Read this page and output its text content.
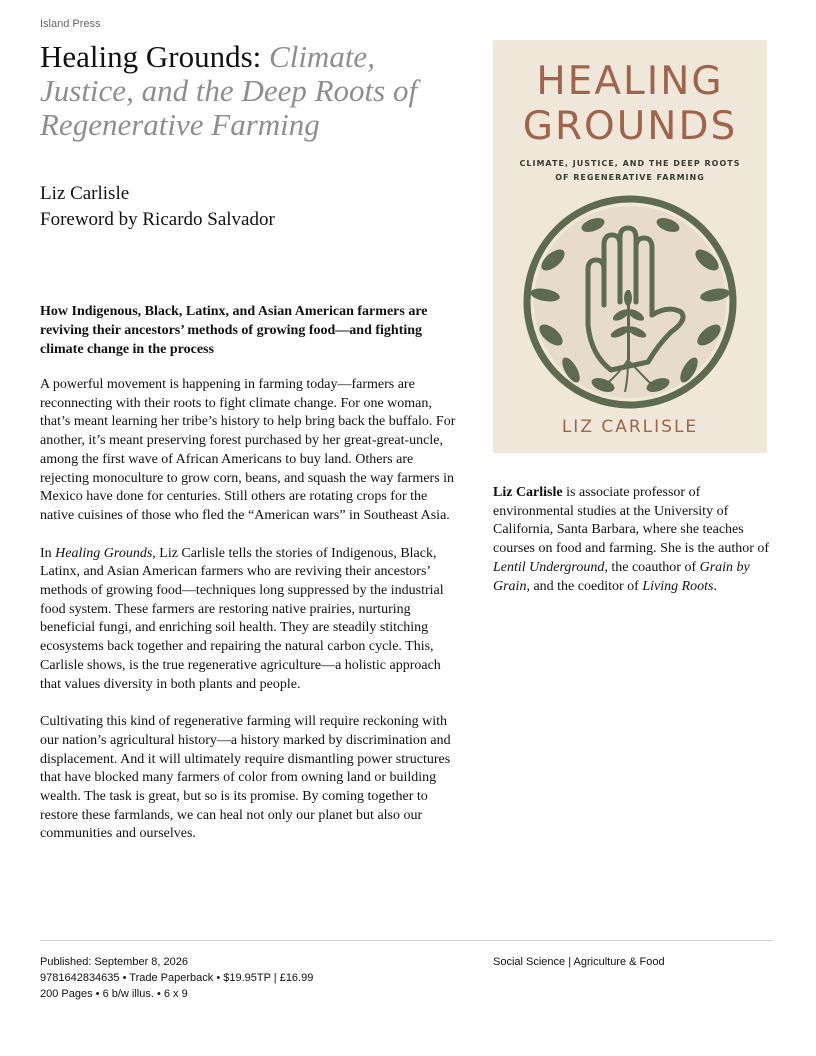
Island Press
Healing Grounds: Climate, Justice, and the Deep Roots of Regenerative Farming
Liz Carlisle
Foreword by Ricardo Salvador
How Indigenous, Black, Latinx, and Asian American farmers are reviving their ancestors’ methods of growing food—and fighting climate change in the process

A powerful movement is happening in farming today—farmers are reconnecting with their roots to fight climate change. For one woman, that’s meant learning her tribe’s history to help bring back the buffalo. For another, it’s meant preserving forest purchased by her great-great-uncle, among the first wave of African Americans to buy land. Others are rejecting monoculture to grow corn, beans, and squash the way farmers in Mexico have done for centuries. Still others are rotating crops for the native cuisines of those who fled the “American wars” in Southeast Asia.

In Healing Grounds, Liz Carlisle tells the stories of Indigenous, Black, Latinx, and Asian American farmers who are reviving their ancestors’ methods of growing food—techniques long suppressed by the industrial food system. These farmers are restoring native prairies, nurturing beneficial fungi, and enriching soil health. They are steadily stitching ecosystems back together and repairing the natural carbon cycle. This, Carlisle shows, is the true regenerative agriculture—a holistic approach that values diversity in both plants and people.

Cultivating this kind of regenerative farming will require reckoning with our nation’s agricultural history—a history marked by discrimination and displacement. And it will ultimately require dismantling power structures that have blocked many farmers of color from owning land or building wealth. The task is great, but so is its promise. By coming together to restore these farmlands, we can heal not only our planet but also our communities and ourselves.

HEALING
GROUNDS
CLIMATE, JUSTICE, AND THE DEEP ROOTS
OF REGENERATIVE FARMING
LIZ CARLISLE
Liz Carlisle is associate professor of environmental studies at the University of California, Santa Barbara, where she teaches courses on food and farming. She is the author of Lentil Underground, the coauthor of Grain by Grain, and the coeditor of Living Roots.
Published: September 8, 2026
9781642834635 • Trade Paperback • $19.95TP | £16.99
200 Pages • 6 b/w illus. • 6 x 9
Social Science | Agriculture & Food
